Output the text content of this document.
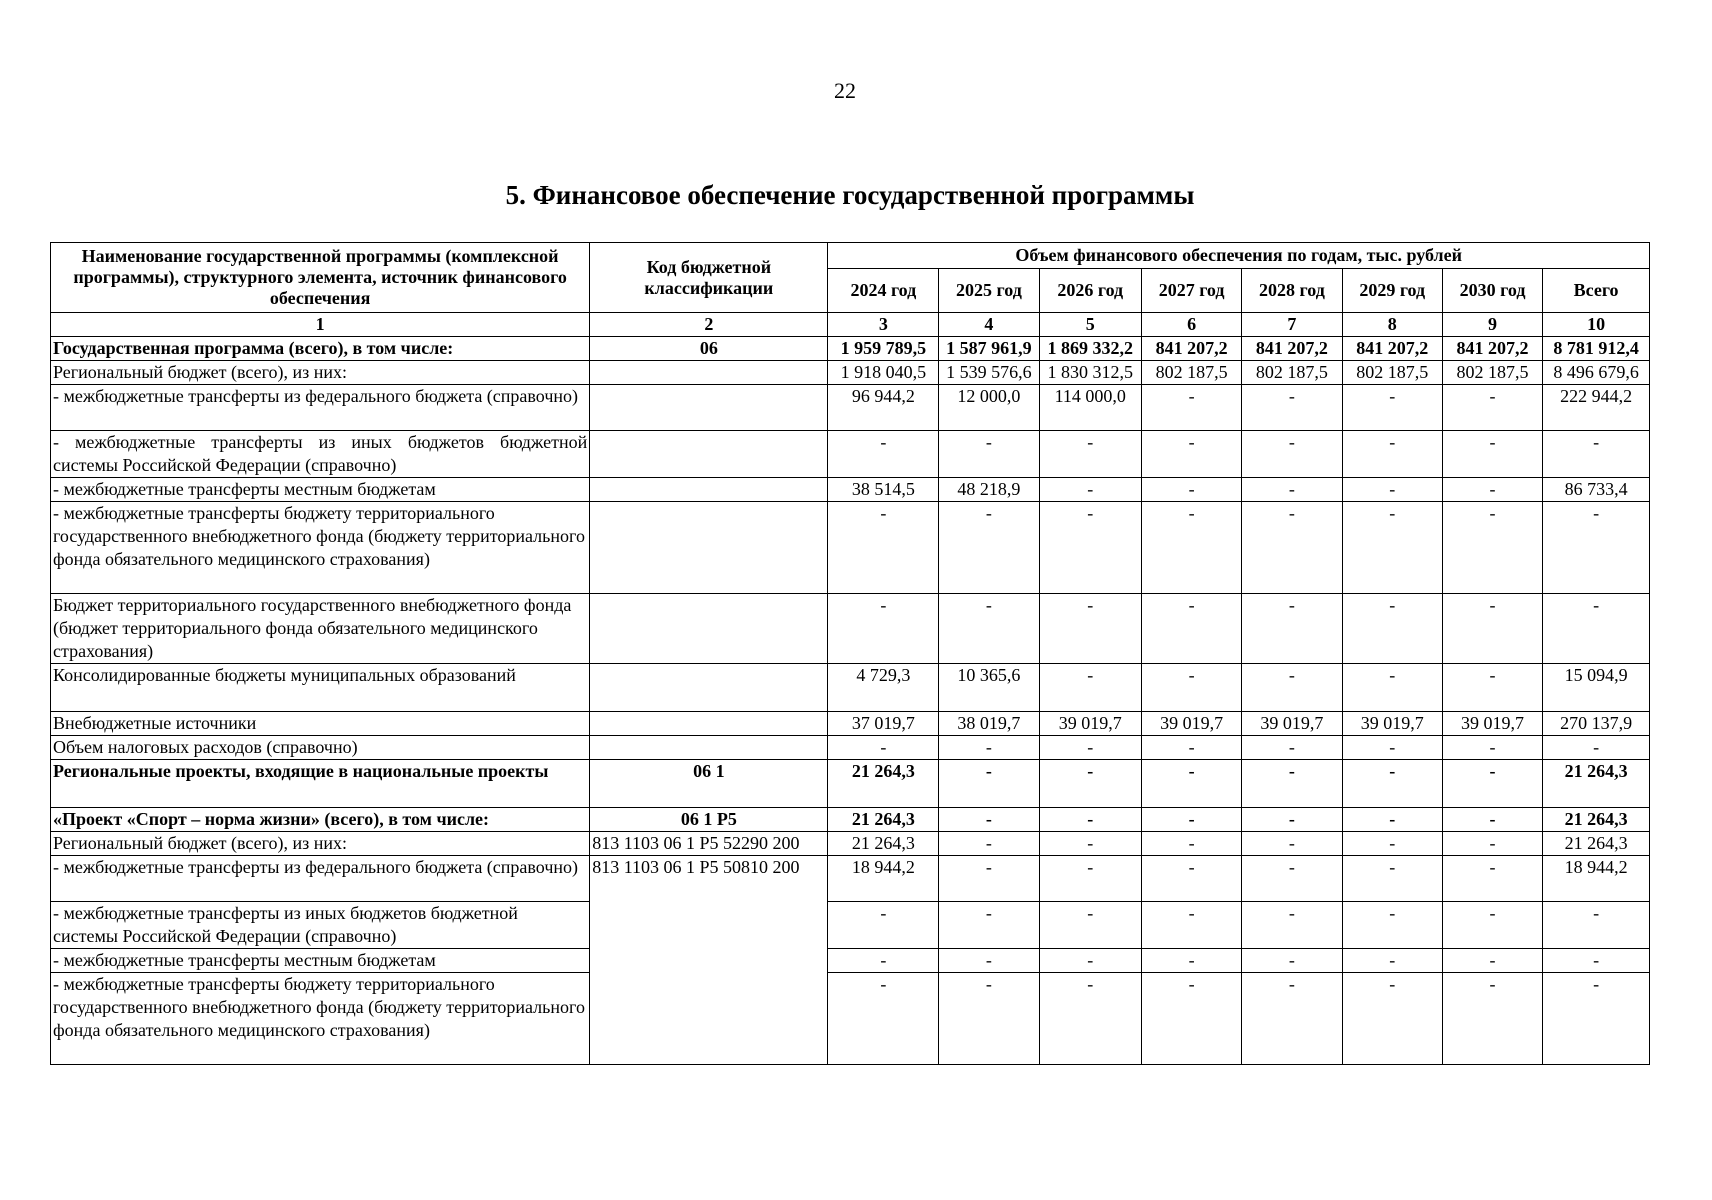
22
5. Финансовое обеспечение государственной программы
Наименование государственной программы (комплексной программы), структурного элемента, источник финансового обеспечения	Код бюджетной классификации	Объем финансового обеспечения по годам, тыс. рублей							
		2024 год	2025 год	2026 год	2027 год	2028 год	2029 год	2030 год	Всего
1	2	3	4	5	6	7	8	9	10
Государственная программа (всего), в том числе:	06	1 959 789,5	1 587 961,9	1 869 332,2	841 207,2	841 207,2	841 207,2	841 207,2	8 781 912,4
Региональный бюджет (всего), из них:		1 918 040,5	1 539 576,6	1 830 312,5	802 187,5	802 187,5	802 187,5	802 187,5	8 496 679,6
- межбюджетные трансферты из федерального бюджета (справочно)		96 944,2	12 000,0	114 000,0	-	-	-	-	222 944,2
- межбюджетные трансферты из иных бюджетов бюджетной системы Российской Федерации (справочно)		-	-	-	-	-	-	-	-
- межбюджетные трансферты местным бюджетам		38 514,5	48 218,9	-	-	-	-	-	86 733,4
- межбюджетные трансферты бюджету территориального государственного внебюджетного фонда (бюджету территориального фонда обязательного медицинского страхования)		-	-	-	-	-	-	-	-
Бюджет территориального государственного внебюджетного фонда (бюджет территориального фонда обязательного медицинского страхования)		-	-	-	-	-	-	-	-
Консолидированные бюджеты муниципальных образований		4 729,3	10 365,6	-	-	-	-	-	15 094,9
Внебюджетные источники		37 019,7	38 019,7	39 019,7	39 019,7	39 019,7	39 019,7	39 019,7	270 137,9
Объем налоговых расходов (справочно)		-	-	-	-	-	-	-	-
Региональные проекты, входящие в национальные проекты	06 1	21 264,3	-	-	-	-	-	-	21 264,3
«Проект «Спорт – норма жизни» (всего), в том числе:	06 1 Р5	21 264,3	-	-	-	-	-	-	21 264,3
Региональный бюджет (всего), из них:	813 1103 06 1 Р5 52290 200	21 264,3	-	-	-	-	-	-	21 264,3
- межбюджетные трансферты из федерального бюджета (справочно)	813 1103 06 1 Р5 50810 200	18 944,2	-	-	-	-	-	-	18 944,2
- межбюджетные трансферты из иных бюджетов бюджетной системы Российской Федерации (справочно)		-	-	-	-	-	-	-	-
- межбюджетные трансферты местным бюджетам		-	-	-	-	-	-	-	-
- межбюджетные трансферты бюджету территориального государственного внебюджетного фонда (бюджету территориального фонда обязательного медицинского страхования)		-	-	-	-	-	-	-	-
